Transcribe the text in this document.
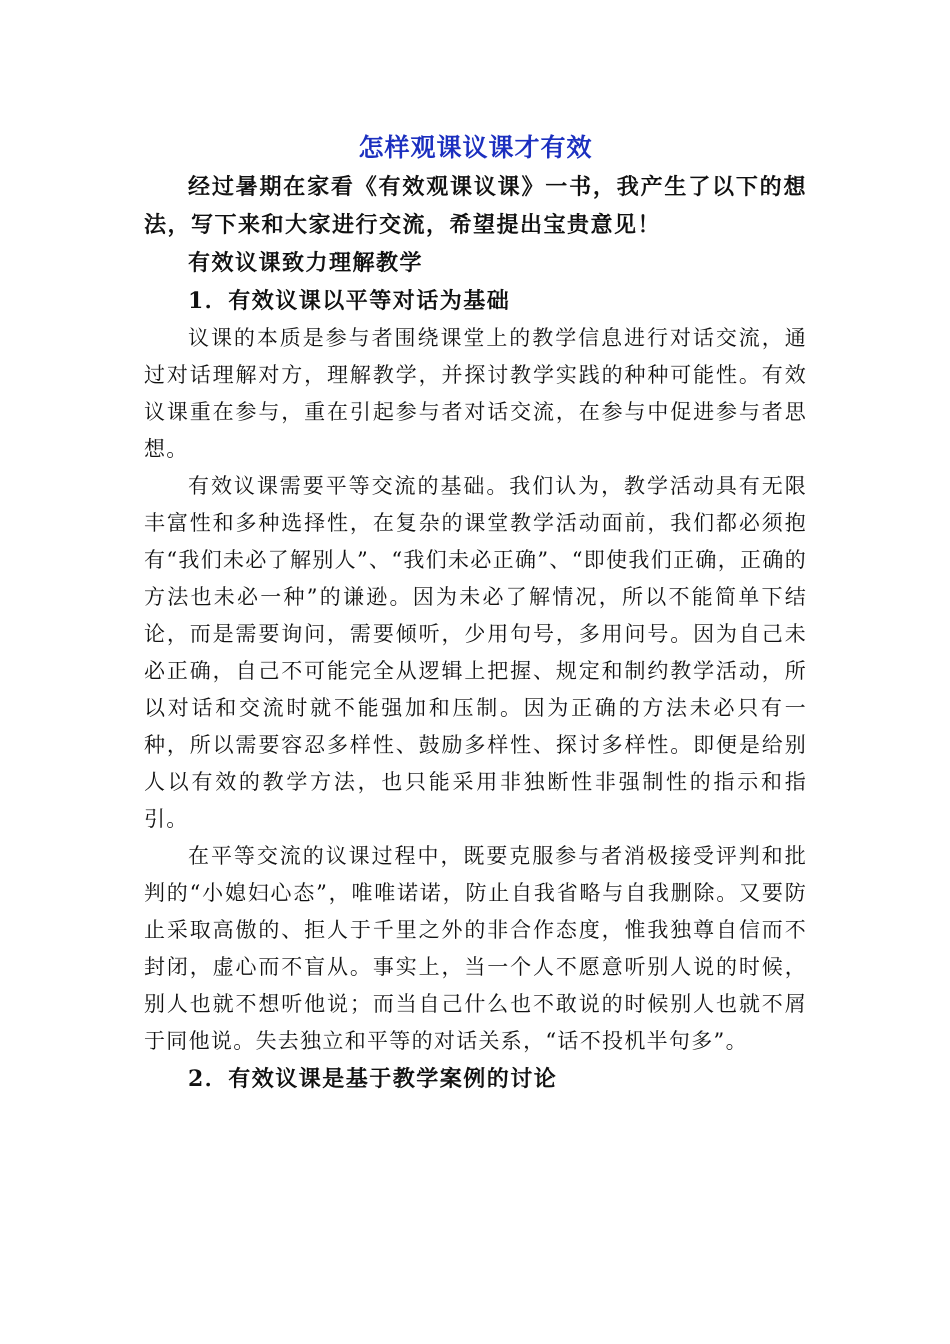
怎样观课议课才有效

经过暑期在家看《有效观课议课》一书，我产生了以下的想法，写下来和大家进行交流，希望提出宝贵意见！

有效议课致力理解教学

1．有效议课以平等对话为基础

议课的本质是参与者围绕课堂上的教学信息进行对话交流，通过对话理解对方，理解教学，并探讨教学实践的种种可能性。有效议课重在参与，重在引起参与者对话交流，在参与中促进参与者思想。

有效议课需要平等交流的基础。我们认为，教学活动具有无限丰富性和多种选择性，在复杂的课堂教学活动面前，我们都必须抱有“我们未必了解别人”、“我们未必正确”、“即使我们正确，正确的方法也未必一种”的谦逊。因为未必了解情况，所以不能简单下结论，而是需要询问，需要倾听，少用句号，多用问号。因为自己未必正确，自己不可能完全从逻辑上把握、规定和制约教学活动，所以对话和交流时就不能强加和压制。因为正确的方法未必只有一种，所以需要容忍多样性、鼓励多样性、探讨多样性。即便是给别人以有效的教学方法，也只能采用非独断性非强制性的指示和指引。

在平等交流的议课过程中，既要克服参与者消极接受评判和批判的“小媳妇心态”，唯唯诺诺，防止自我省略与自我删除。又要防止采取高傲的、拒人于千里之外的非合作态度，惟我独尊自信而不封闭，虚心而不盲从。事实上，当一个人不愿意听别人说的时候，别人也就不想听他说；而当自己什么也不敢说的时候别人也就不屑于同他说。失去独立和平等的对话关系，“话不投机半句多”。

2．有效议课是基于教学案例的讨论
